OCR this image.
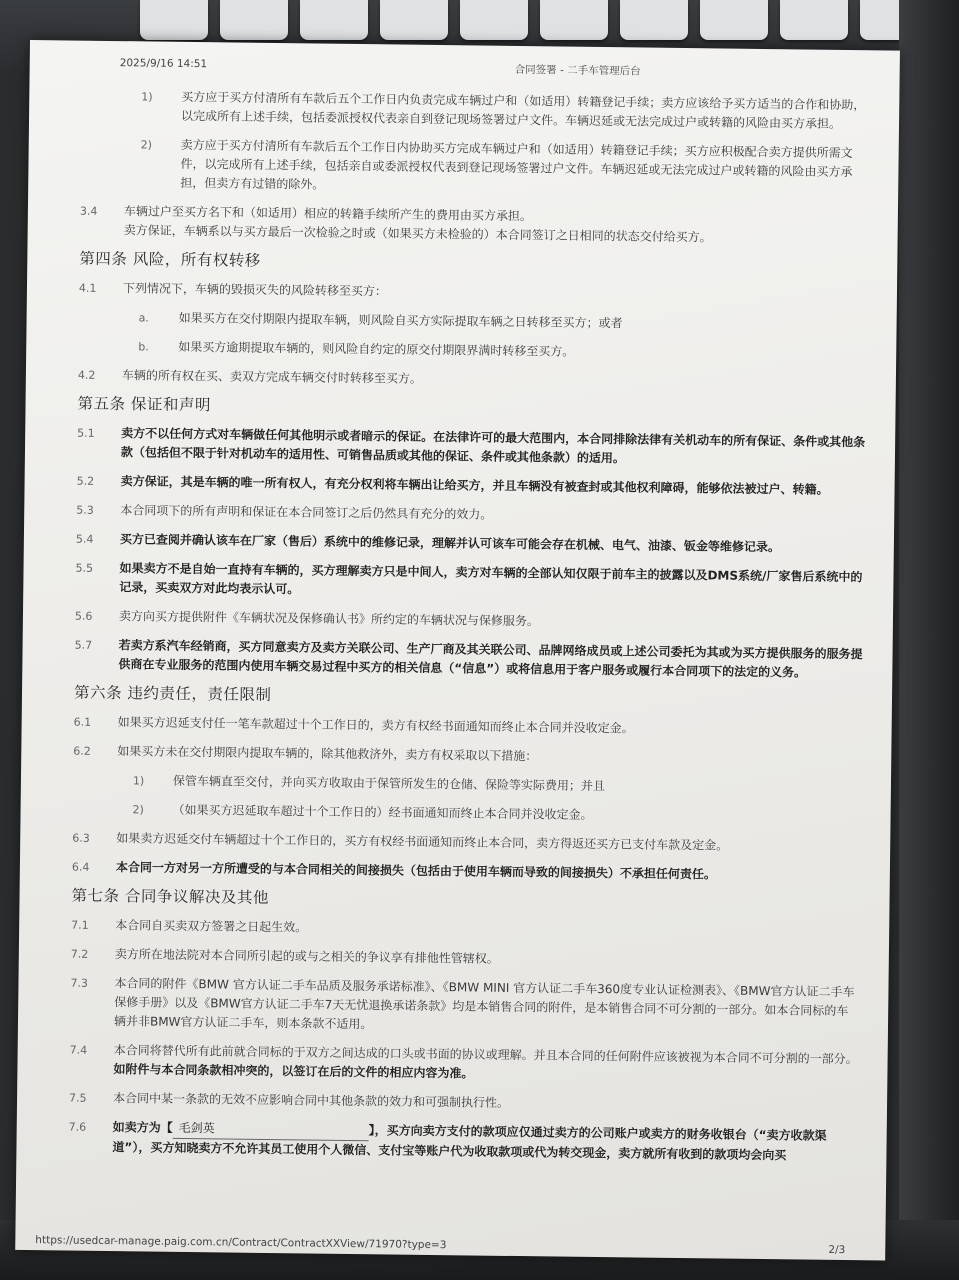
2025/9/16 14:51
合同签署 - 二手车管理后台
1) 买方应于买方付清所有车款后五个工作日内负责完成车辆过户和（如适用）转籍登记手续；卖方应该给予买方适当的合作和协助，以完成所有上述手续，包括委派授权代表亲自到登记现场签署过户文件。车辆迟延或无法完成过户或转籍的风险由买方承担。
2) 卖方应于买方付清所有车款后五个工作日内协助买方完成车辆过户和（如适用）转籍登记手续；买方应积极配合卖方提供所需文件，以完成所有上述手续，包括亲自或委派授权代表到登记现场签署过户文件。车辆迟延或无法完成过户或转籍的风险由买方承担，但卖方有过错的除外。
3.4 车辆过户至买方名下和（如适用）相应的转籍手续所产生的费用由买方承担。
卖方保证，车辆系以与买方最后一次检验之时或（如果买方未检验的）本合同签订之日相同的状态交付给买方。
第四条 风险，所有权转移
4.1 下列情况下，车辆的毁损灭失的风险转移至买方：
a. 如果买方在交付期限内提取车辆，则风险自买方实际提取车辆之日转移至买方；或者
b. 如果买方逾期提取车辆的，则风险自约定的原交付期限界满时转移至买方。
4.2 车辆的所有权在买、卖双方完成车辆交付时转移至买方。
第五条 保证和声明
5.1 卖方不以任何方式对车辆做任何其他明示或者暗示的保证。在法律许可的最大范围内，本合同排除法律有关机动车的所有保证、条件或其他条款（包括但不限于针对机动车的适用性、可销售品质或其他的保证、条件或其他条款）的适用。
5.2 卖方保证，其是车辆的唯一所有权人，有充分权利将车辆出让给买方，并且车辆没有被查封或其他权利障碍，能够依法被过户、转籍。
5.3 本合同项下的所有声明和保证在本合同签订之后仍然具有充分的效力。
5.4 买方已查阅并确认该车在厂家（售后）系统中的维修记录，理解并认可该车可能会存在机械、电气、油漆、钣金等维修记录。
5.5 如果卖方不是自始一直持有车辆的，买方理解卖方只是中间人，卖方对车辆的全部认知仅限于前车主的披露以及DMS系统/厂家售后系统中的记录，买卖双方对此均表示认可。
5.6 卖方向买方提供附件《车辆状况及保修确认书》所约定的车辆状况与保修服务。
5.7 若卖方系汽车经销商，买方同意卖方及卖方关联公司、生产厂商及其关联公司、品牌网络成员或上述公司委托为其或为买方提供服务的服务提供商在专业服务的范围内使用车辆交易过程中买方的相关信息（“信息”）或将信息用于客户服务或履行本合同项下的法定的义务。
第六条 违约责任，责任限制
6.1 如果买方迟延支付任一笔车款超过十个工作日的，卖方有权经书面通知而终止本合同并没收定金。
6.2 如果买方未在交付期限内提取车辆的，除其他救济外，卖方有权采取以下措施：
1) 保管车辆直至交付，并向买方收取由于保管所发生的仓储、保险等实际费用；并且
2) （如果买方迟延取车超过十个工作日的）经书面通知而终止本合同并没收定金。
6.3 如果卖方迟延交付车辆超过十个工作日的，买方有权经书面通知而终止本合同，卖方得返还买方已支付车款及定金。
6.4 本合同一方对另一方所遭受的与本合同相关的间接损失（包括由于使用车辆而导致的间接损失）不承担任何责任。
第七条 合同争议解决及其他
7.1 本合同自买卖双方签署之日起生效。
7.2 卖方所在地法院对本合同所引起的或与之相关的争议享有排他性管辖权。
7.3 本合同的附件《BMW 官方认证二手车品质及服务承诺标准》、《BMW MINI 官方认证二手车360度专业认证检测表》、《BMW官方认证二手车保修手册》以及《BMW官方认证二手车7天无忧退换承诺条款》均是本销售合同的附件，是本销售合同不可分割的一部分。如本合同标的车辆并非BMW官方认证二手车，则本条款不适用。
7.4 本合同将替代所有此前就合同标的于双方之间达成的口头或书面的协议或理解。并且本合同的任何附件应该被视为本合同不可分割的一部分。如附件与本合同条款相冲突的，以签订在后的文件的相应内容为准。
7.5 本合同中某一条款的无效不应影响合同中其他条款的效力和可强制执行性。
7.6 如卖方为【 毛剑英	】，买方向卖方支付的款项应仅通过卖方的公司账户或卖方的财务收银台（“卖方收款渠道”），买方知晓卖方不允许其员工使用个人微信、支付宝等账户代为收取款项或代为转交现金，卖方就所有收到的款项均会向买
https://usedcar-manage.paig.com.cn/Contract/ContractXXView/71970?type=3	2/3
